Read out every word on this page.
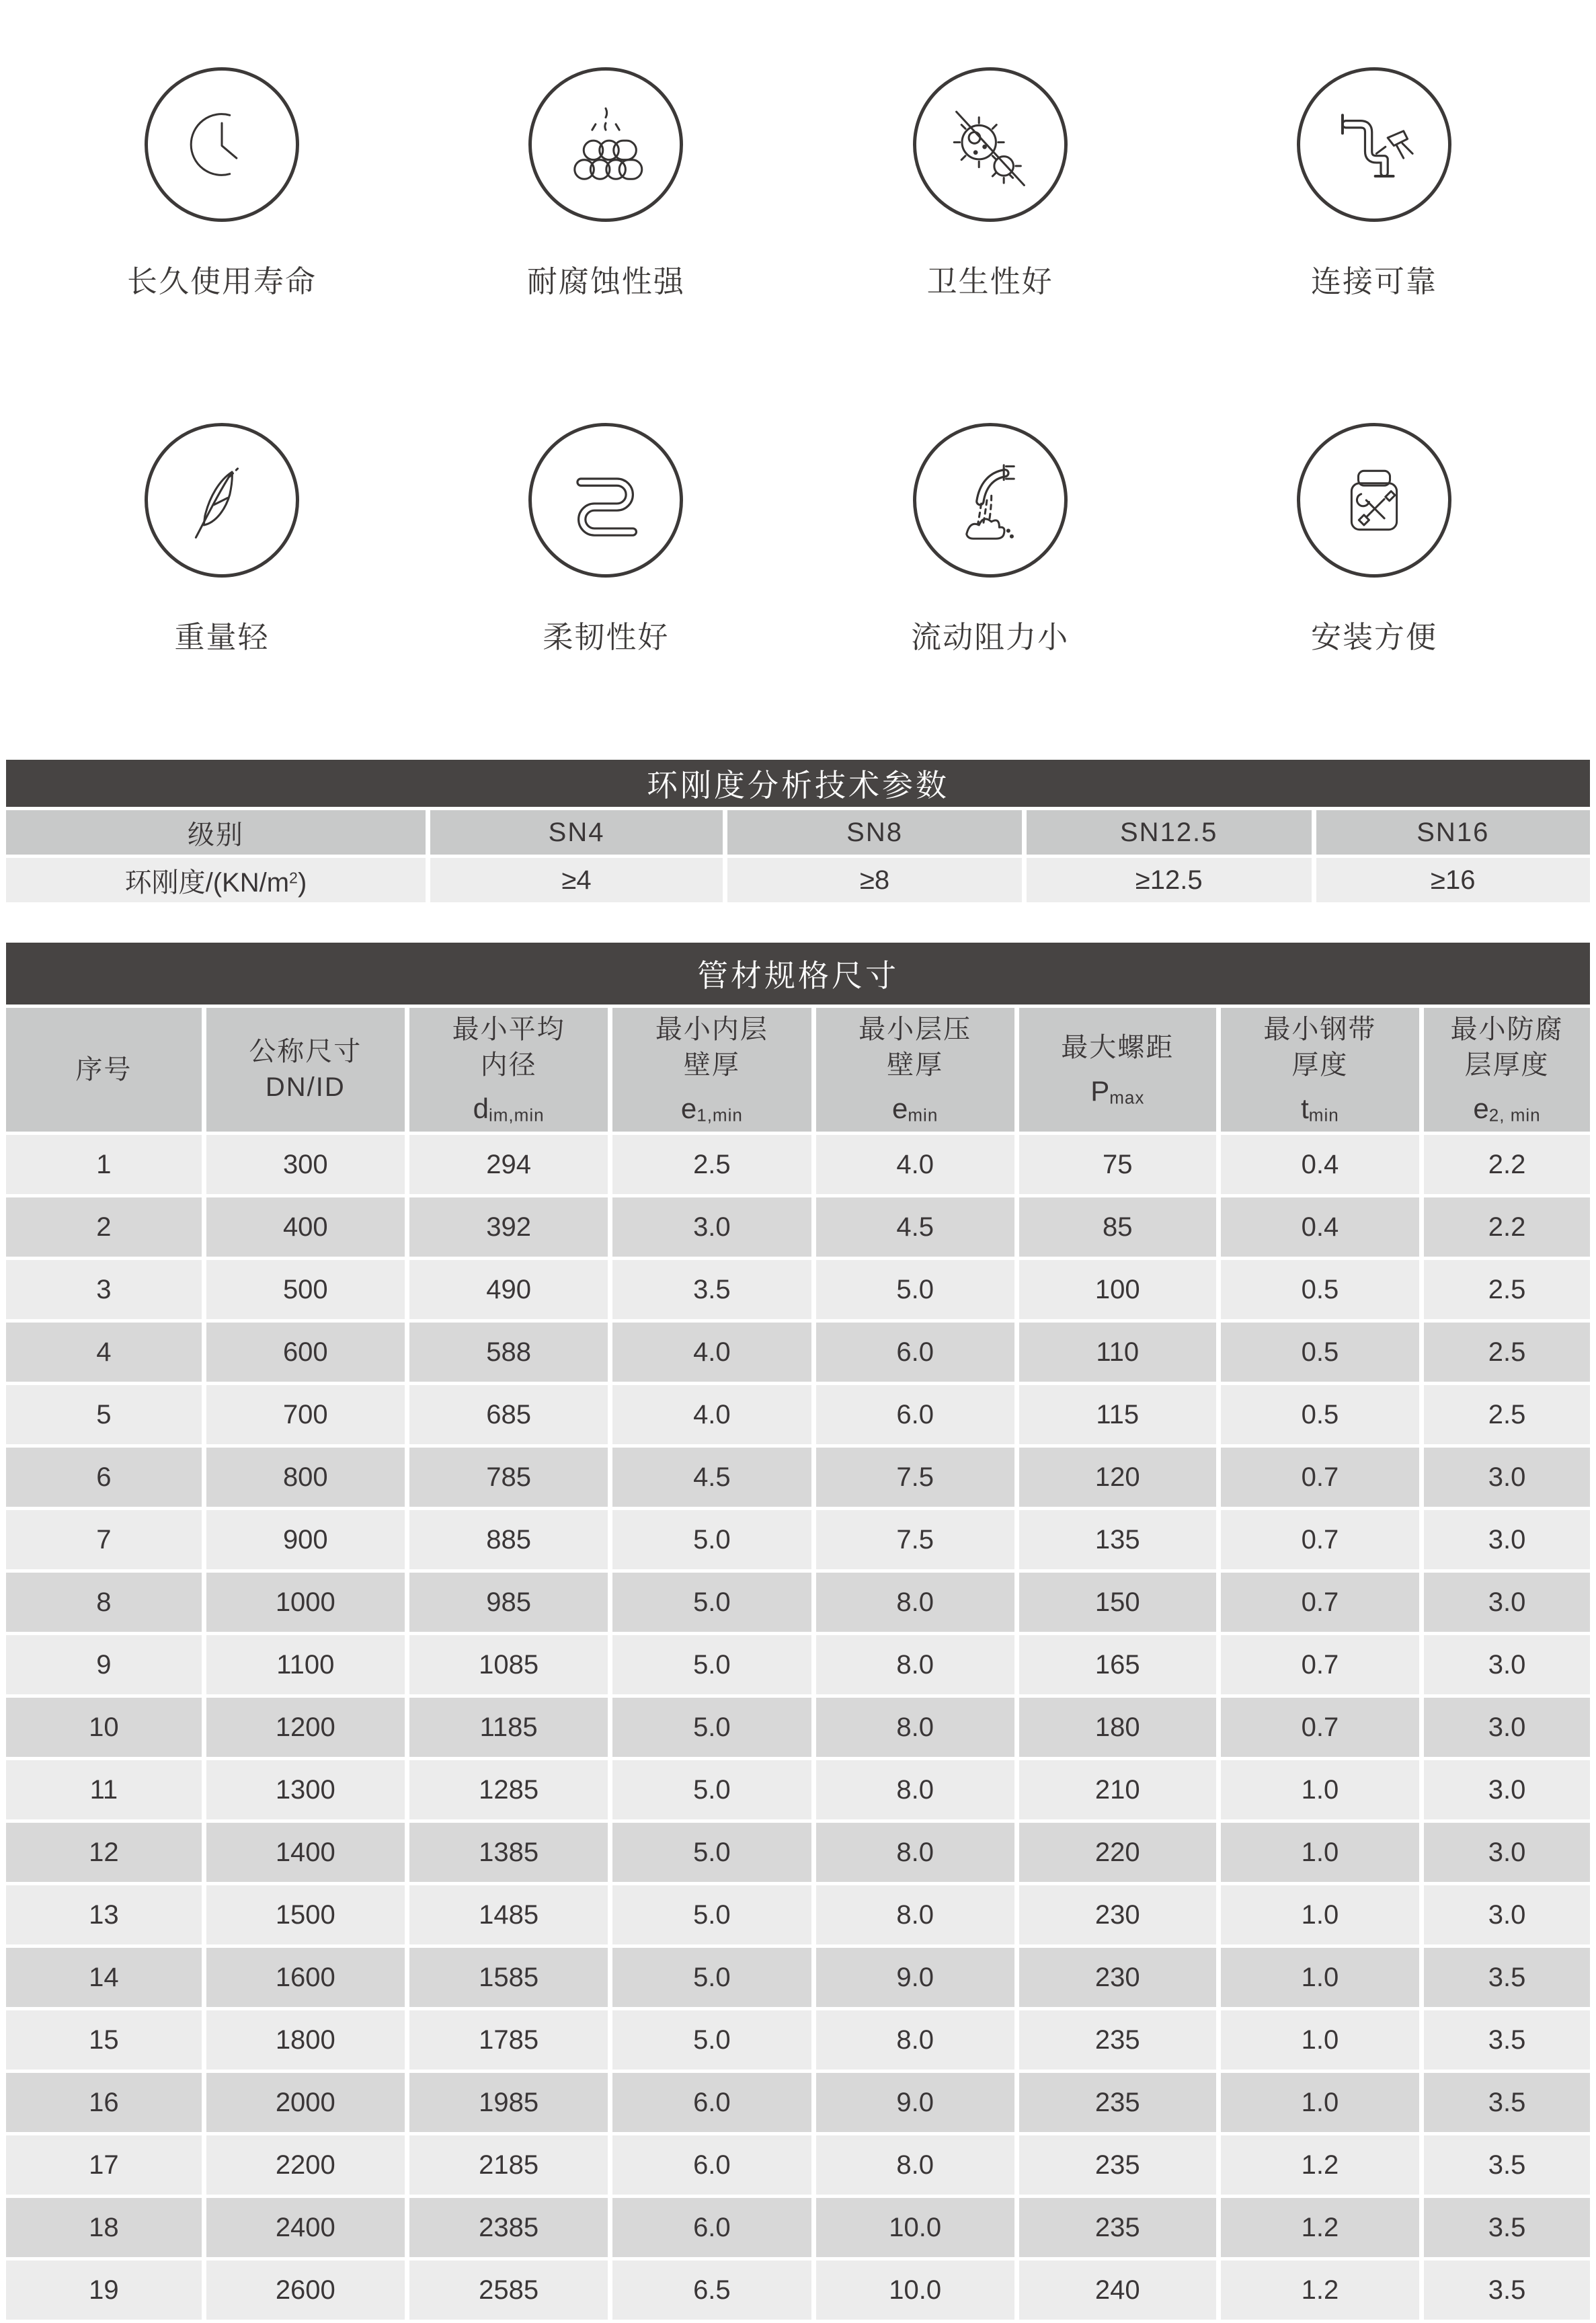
长久使用寿命	耐腐蚀性强	卫生性好	连接可靠
重量轻	柔韧性好	流动阻力小	安装方便
环刚度分析技术参数				
级别	SN4	SN8	SN12.5	SN16
环刚度$/(KN/m^2)$	≥4	≥8	≥12.5	≥16
管材规格尺寸							

序号

公称尺寸
DN/ID

最小平均
内径
$d_{im,min}$

最小内层
壁厚
$e_{1,min}$

最小层压
壁厚
$e_{min}$

最大螺距
$P_{max}$

最小钢带
厚度
$t_{min}$

最小防腐
层厚度
$e_{2, min}$

1	300	294	2.5	4.0	75	0.4	2.2
2	400	392	3.0	4.5	85	0.4	2.2
3	500	490	3.5	5.0	100	0.5	2.5
4	600	588	4.0	6.0	110	0.5	2.5
5	700	685	4.0	6.0	115	0.5	2.5
6	800	785	4.5	7.5	120	0.7	3.0
7	900	885	5.0	7.5	135	0.7	3.0
8	1000	985	5.0	8.0	150	0.7	3.0
9	1100	1085	5.0	8.0	165	0.7	3.0
10	1200	1185	5.0	8.0	180	0.7	3.0
11	1300	1285	5.0	8.0	210	1.0	3.0
12	1400	1385	5.0	8.0	220	1.0	3.0
13	1500	1485	5.0	8.0	230	1.0	3.0
14	1600	1585	5.0	9.0	230	1.0	3.5
15	1800	1785	5.0	8.0	235	1.0	3.5
16	2000	1985	6.0	9.0	235	1.0	3.5
17	2200	2185	6.0	8.0	235	1.2	3.5
18	2400	2385	6.0	10.0	235	1.2	3.5
19	2600	2585	6.5	10.0	240	1.2	3.5
